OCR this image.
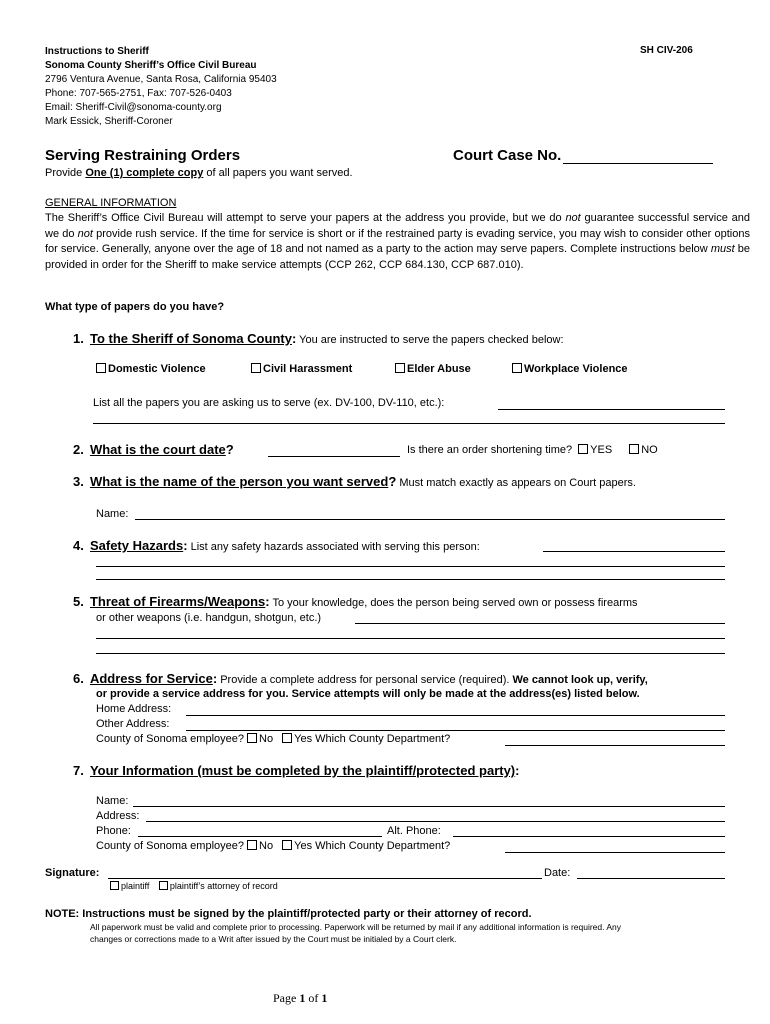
Instructions to Sheriff
Sonoma County Sheriff’s Office Civil Bureau
2796 Ventura Avenue, Santa Rosa, California 95403
Phone: 707-565-2751, Fax: 707-526-0403
Email: Sheriff-Civil@sonoma-county.org
Mark Essick, Sheriff-Coroner
SH CIV-206
Serving Restraining Orders	Court Case No.
Provide One (1) complete copy of all papers you want served.
GENERAL INFORMATION
The Sheriff’s Office Civil Bureau will attempt to serve your papers at the address you provide, but we do not guarantee successful service and we do not provide rush service. If the time for service is short or if the restrained party is evading service, you may wish to consider other options for service. Generally, anyone over the age of 18 and not named as a party to the action may serve papers. Complete instructions below must be provided in order for the Sheriff to make service attempts (CCP 262, CCP 684.130, CCP 687.010).
What type of papers do you have?
1. To the Sheriff of Sonoma County: You are instructed to serve the papers checked below:
Domestic Violence	Civil Harassment	Elder Abuse	Workplace Violence
List all the papers you are asking us to serve (ex. DV-100, DV-110, etc.):
2. What is the court date?	Is there an order shortening time? YES	NO
3. What is the name of the person you want served? Must match exactly as appears on Court papers.
Name:
4. Safety Hazards: List any safety hazards associated with serving this person:
5. Threat of Firearms/Weapons: To your knowledge, does the person being served own or possess firearms
or other weapons (i.e. handgun, shotgun, etc.)
6. Address for Service: Provide a complete address for personal service (required). We cannot look up, verify,
or provide a service address for you. Service attempts will only be made at the address(es) listed below.
Home Address:
Other Address:
County of Sonoma employee? No Yes Which County Department?
7. Your Information (must be completed by the plaintiff/protected party):
Name:
Address:
Phone:	Alt. Phone:
County of Sonoma employee? No Yes Which County Department?
Signature:	Date:
plaintiff plaintiff’s attorney of record
NOTE: Instructions must be signed by the plaintiff/protected party or their attorney of record.
All paperwork must be valid and complete prior to processing. Paperwork will be returned by mail if any additional information is required. Any
changes or corrections made to a Writ after issued by the Court must be initialed by a Court clerk.
Page 1 of 1
